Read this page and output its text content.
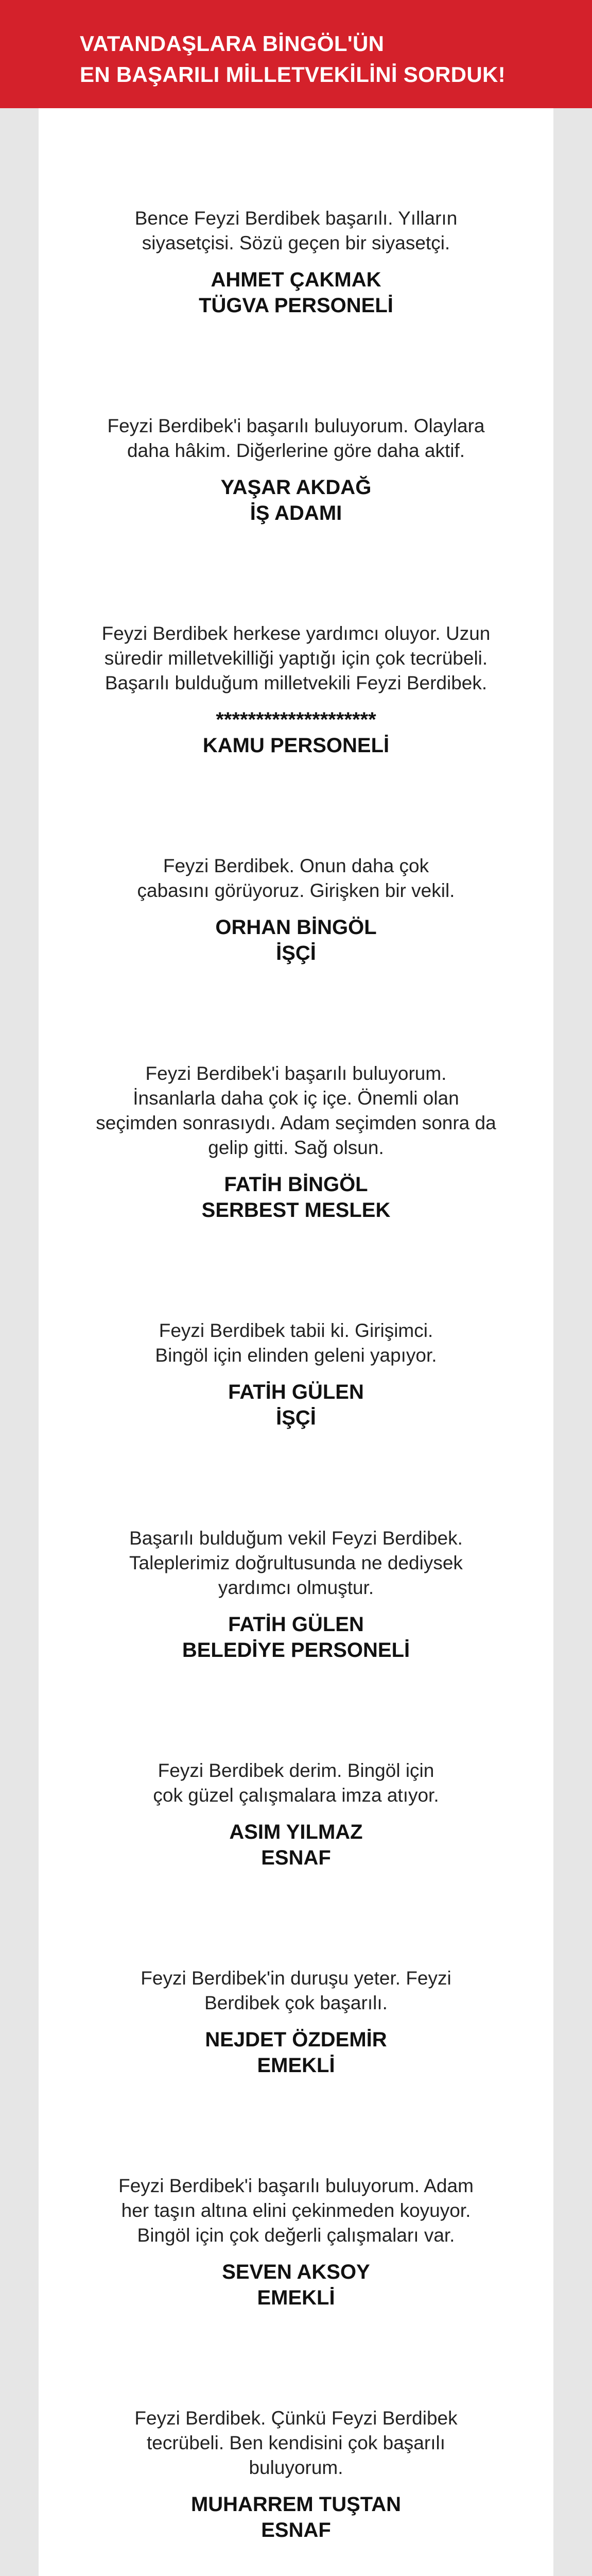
VATANDAŞLARA BİNGÖL'ÜN
EN BAŞARILI MİLLETVEKİLİNİ SORDUK!
Bence Feyzi Berdibek başarılı. Yılların
siyasetçisi. Sözü geçen bir siyasetçi.
AHMET ÇAKMAK
TÜGVA PERSONELİ
Feyzi Berdibek'i başarılı buluyorum. Olaylara
daha hâkim. Diğerlerine göre daha aktif.
YAŞAR AKDAĞ
İŞ ADAMI
Feyzi Berdibek herkese yardımcı oluyor. Uzun
süredir milletvekilliği yaptığı için çok tecrübeli.
Başarılı bulduğum milletvekili Feyzi Berdibek.
********************
KAMU PERSONELİ
Feyzi Berdibek. Onun daha çok
çabasını görüyoruz. Girişken bir vekil.
ORHAN BİNGÖL
İŞÇİ
Feyzi Berdibek'i başarılı buluyorum.
İnsanlarla daha çok iç içe. Önemli olan
seçimden sonrasıydı. Adam seçimden sonra da
gelip gitti. Sağ olsun.
FATİH BİNGÖL
SERBEST MESLEK
Feyzi Berdibek tabii ki. Girişimci.
Bingöl için elinden geleni yapıyor.
FATİH GÜLEN
İŞÇİ
Başarılı bulduğum vekil Feyzi Berdibek.
Taleplerimiz doğrultusunda ne dediysek
yardımcı olmuştur.
FATİH GÜLEN
BELEDİYE PERSONELİ
Feyzi Berdibek derim. Bingöl için
çok güzel çalışmalara imza atıyor.
ASIM YILMAZ
ESNAF
Feyzi Berdibek'in duruşu yeter. Feyzi
Berdibek çok başarılı.
NEJDET ÖZDEMİR
EMEKLİ
Feyzi Berdibek'i başarılı buluyorum. Adam
her taşın altına elini çekinmeden koyuyor.
Bingöl için çok değerli çalışmaları var.
SEVEN AKSOY
EMEKLİ
Feyzi Berdibek. Çünkü Feyzi Berdibek
tecrübeli. Ben kendisini çok başarılı
buluyorum.
MUHARREM TUŞTAN
ESNAF
